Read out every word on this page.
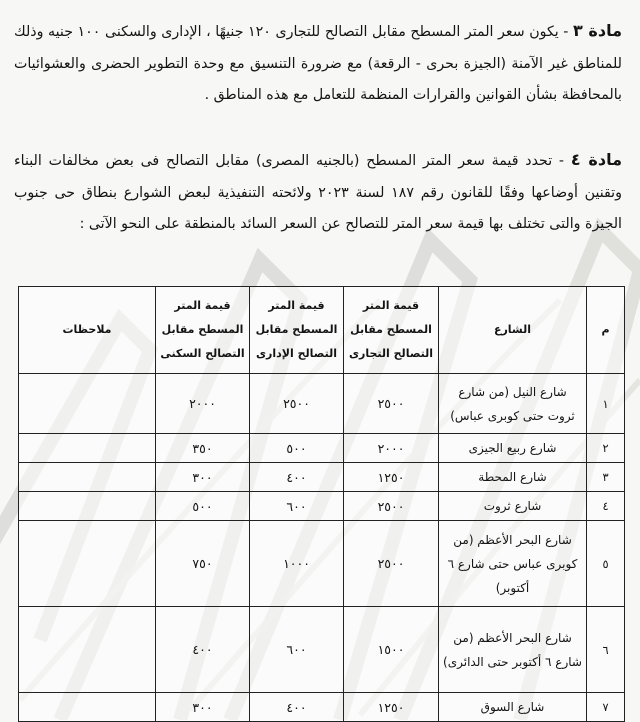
مادة ٣ - يكون سعر المتر المسطح مقابل التصالح للتجارى ١٢٠ جنيهًا ، الإدارى والسكنى ١٠٠ جنيه وذلك للمناطق غير الآمنة (الجيزة بحرى - الرقعة) مع ضرورة التنسيق مع وحدة التطوير الحضرى والعشوائيات بالمحافظة بشأن القوانين والقرارات المنظمة للتعامل مع هذه المناطق .
مادة ٤ - تحدد قيمة سعر المتر المسطح (بالجنيه المصرى) مقابل التصالح فى بعض مخالفات البناء وتقنين أوضاعها وفقًا للقانون رقم ١٨٧ لسنة ٢٠٢٣ ولائحته التنفيذية لبعض الشوارع بنطاق حى جنوب الجيزة والتى تختلف بها قيمة سعر المتر للتصالح عن السعر السائد بالمنطقة على النحو الآتى :
م	الشارع	قيمة المتر المسطح مقابل التصالح التجارى	قيمة المتر المسطح مقابل التصالح الإدارى	قيمة المتر المسطح مقابل التصالح السكنى	ملاحظات
١	شارع النيل (من شارع ثروت حتى كوبرى عباس)	٢٥٠٠	٢٥٠٠	٢٠٠٠	
٢	شارع ربيع الجيزى	٢٠٠٠	٥٠٠	٣٥٠	
٣	شارع المحطة	١٢٥٠	٤٠٠	٣٠٠	
٤	شارع ثروت	٢٥٠٠	٦٠٠	٥٠٠	
٥	شارع البحر الأعظم (من كوبرى عباس حتى شارع ٦ أكتوبر)	٢٥٠٠	١٠٠٠	٧٥٠	
٦	شارع البحر الأعظم (من شارع ٦ أكتوبر حتى الدائرى)	١٥٠٠	٦٠٠	٤٠٠	
٧	شارع السوق	١٢٥٠	٤٠٠	٣٠٠	
